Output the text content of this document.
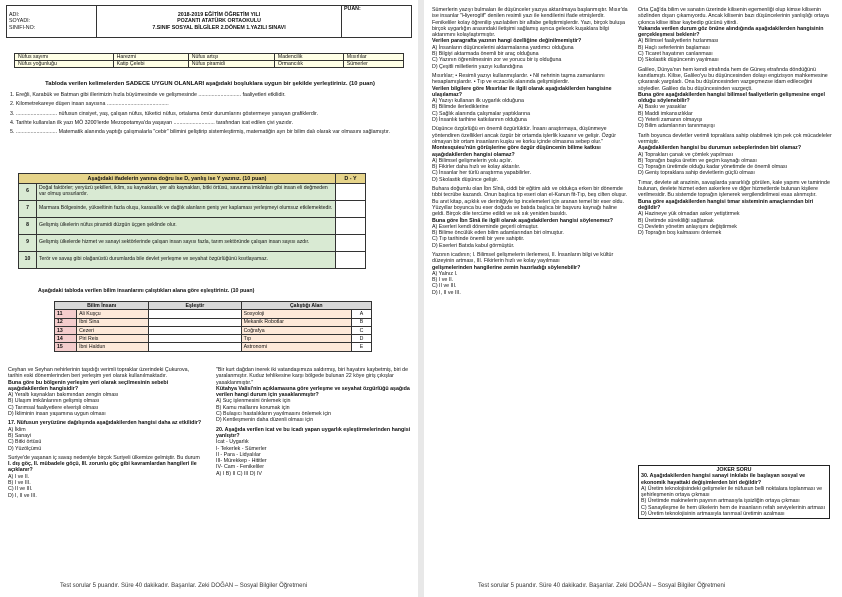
ADI:
SOYADI:
SINIFI-NO:

2018-2019 EĞİTİM ÖĞRETİM YILI
POZANTI ATATÜRK ORTAOKULU
7.SINIF SOSYAL BİLGİLER 2.DÖNEM 1.YAZILI SINAVI
	PUAN:
Nüfus sayımı	Harezmi	Nüfus artışı	Madencilik	Mısırlılar
Nüfus yoğunluğu	Katip Çelebi	Nüfus piramidi	Ormancılık	Sümerler
Tabloda verilen kelimelerden SADECE UYGUN OLANLARI aşağıdaki boşluklara uygun bir şekilde yerleştiriniz. (10 puan)
1. Ereğli, Karabük ve Batman gibi illerimizin hızla büyümesinde ve gelişmesinde ............................. faaliyetleri etkilidir.
2. Kilometrekareye düşen insan sayısına ..........................................
3. ............................ nüfusun cinsiyet, yaş, çalışan nüfus, tüketici nüfus, ortalama ömür durumlarını göstermeye yarayan grafiklerdir.
4. Tarihte kullanılan ilk yazı MÖ 3200'lerde Mezopotamya'da yaşayan ............................ tarafından icat edilen çivi yazıdır.
5. ............................ Matematik alanında yaptığı çalışmalarla "cebir" bilimini geliştirip sistemleştirmiş, matematiğin ayrı bir bilim dalı olarak var olmasını sağlamıştır.
Aşağıdaki ifadelerin yanına doğru ise D, yanlış ise Y yazınız. (10 puan)		D - Y
6	Doğal faktörler; yeryüzü şekilleri, iklim, su kaynakları, yer altı kaynakları, bitki örtüsü, savunma imkânları gibi insan eli değmeden var olmuş unsurlardır.	
7	Marmara Bölgesinde, yükseltinin fazla oluşu, karasallık ve dağlık alanların geniş yer kaplaması yerleşmeyi olumsuz etkilemektedir.	
8	Gelişmiş ülkelerin nüfus piramidi düzgün üçgen şeklinde olur.	
9	Gelişmiş ülkelerde hizmet ve sanayi sektörlerinde çalışan insan sayısı fazla, tarım sektöründe çalışan insan sayısı azdır.	
10	Terör ve savaş gibi olağanüstü durumlarda bile devlet yerleşme ve seyahat özgürlüğünü kısıtlayamaz.	
Aşağıdaki tabloda verilen bilim insanlarını çalıştıkları alana göre eşleştiriniz. (10 puan)
Bilim İnsanı		Eşleştir	Çalıştığı Alan	
11	Ali Kuşçu		Sosyoloji	A
12	İbni Sina		Mekanik Robotlar	B
13	Cezeri		Coğrafya	C
14	Piri Reis		Tıp	D
15	İbni Haldun		Astronomi	E
Ceyhan ve Seyhan nehirlerinin taşıdığı verimli topraklar üzerindeki Çukurova, tarihin eski dönemlerinden beri yerleşim yeri olarak kullanılmaktadır.
Buna göre bu bölgenin yerleşim yeri olarak seçilmesinin sebebi aşağıdakilerden hangisidir?
A) Yeraltı kaynakları bakımından zengin olması
B) Ulaşım imkânlarının gelişmiş olması
C) Tarımsal faaliyetlere elverişli olması
D) İkliminin insan yaşamına uygun olması
17. Nüfusun yeryüzüne dağılışında aşağıdakilerden hangisi daha az etkilidir?
A) İklim
B) Sanayi
C) Bitki örtüsü
D) Yüzölçümü
Suriye'de yaşanan iç savaş nedeniyle birçok Suriyeli ülkemize gelmiştir. Bu durum
I. dış göç, II. mübadele göçü, III. zorunlu göç gibi kavramlardan hangileri ile açıklanır?
A) I ve II.
B) I ve III.
C) II ve III.
D) I, II ve III.
"Bir kurt dağdan inerek iki vatandaşımıza saldırmış, biri hayatını kaybetmiş, biri de yaralanmıştır. Kuduz tehlikesine karşı bölgede bulunan 22 köye giriş çıkışlar yasaklanmıştır."
Kütahya Valisi'nin açıklamasına göre yerleşme ve seyahat özgürlüğü aşağıda verilen hangi durum için yasaklanmıştır?
A) Suç işlenmesini önlemek için
B) Kamu mallarını korumak için
C) Bulaşıcı hastalıkların yayılmasını önlemek için
D) Kentleşmenin daha düzenli olması için
20. Aşağıda verilen icat ve bu icadı yapan uygarlık eşleştirmelerinden hangisi yanlıştır?
İcat - Uygarlık
I- Tekerlek - Sümerler
II - Para - Lidyalılar
III- Mürekkep - Hititler
IV- Cam - Fenikeliler
A) I B) II C) III D) IV
Test sorular 5 puandır. Süre 40 dakikadır. Başarılar. Zeki DOĞAN – Sosyal Bilgiler Öğretmeni
Sümerlerin yazıyı bulmaları ile düşünceler yazıya aktarılmaya başlanmıştır. Mısır'da ise insanlar "Hiyeroglif" denilen resimli yazı ile kendilerini ifade etmişlerdir. Fenikeliler kolay öğrenilip yazılabilen bir alfabe geliştirmişlerdir. Yazı, birçok buluşa birçok uygarlığın arasındaki iletişimi sağlamış ayrıca gelecek kuşaklara bilgi aktarımını kolaylaştırmıştır.
Verilen paragrafta yazının hangi özelliğine değinilmemiştir?
A) İnsanların düşüncelerini aktarmalarına yardımcı olduğuna
B) Bilgiyi aktarmada önemli bir araç olduğuna
C) Yazının öğrenilmesinin zor ve yorucu bir iş olduğuna
D) Çeşitli milletlerin yazıyı kullandığına
Mısırlılar; • Resimli yazıyı kullanmışlardır. • Nil nehrinin taşma zamanlarını hesaplamışlardır. • Tıp ve eczacılık alanında gelişmişlerdir.
Verilen bilgilere göre Mısırlılar ile ilgili olarak aşağıdakilerden hangisine ulaşılamaz?
A) Yazıyı kullanan ilk uygarlık olduğuna
B) Bilimde ilerlediklerine
C) Sağlık alanında çalışmalar yaptıklarına
D) İnsanlık tarihine katkılarının olduğuna
Düşünce özgürlüğü en önemli özgürlüktür. İnsanı araştırmaya, düşünmeye yöntendiren özellikleri ancak özgür bir ortamda işlerlik kazanır ve gelişir. Özgür olmayan bir ortam insanların kuşku ve korku içinde olmasına sebep olur."
Montesquieu'nün görüşlerine göre özgür düşüncenin bilime katkısı aşağıdakilerden hangisi olamaz?
A) Bilimsel gelişmelerin yolu açılır.
B) Fikirler daha hızlı ve kolay aktarılır.
C) İnsanlar her türlü araştırma yapabilirler.
D) Skolastik düşünce gelişir.
Buhara doğumlu olan İbn Sînâ, ciddi bir eğitim aldı ve oldukça erken bir dönemde tıbbi tecrübe kazandı. Onun başlıca tıp eseri olan el-Kanun fit-Tıp, beş cilten oluşur. Bu anıt kitap, açıklık ve derinliğiyle tıp incelemeleri için aranan temel bir eser oldu. Yüzyıllar boyunca bu eser doğuda ve batıda başlıca bir başvuru kaynağı haline geldi. Birçok dile tercüme edildi ve sık sık yeniden basıldı.
Buna göre İbn Sînâ ile ilgili olarak aşağıdakilerden hangisi söylenemez?
A) Eserleri kendi döneminde geçerli olmuştur.
B) Bilime öncülük eden bilim adamlarından biri olmuştur.
C) Tıp tarihinde önemli bir yere sahiptir.
D) Eserleri Batıda kabul görmüştür.
Yazının icadının; I. Bilimsel gelişmelerin ilerlemesi, II. İnsanların bilgi ve kültür düzeyinin artması, III. Fikirlerin hızlı ve kolay yayılması
gelişmelerinden hangilerine zemin hazırladığı söylenebilir?
A) Yalnız I.
B) I ve II.
C) II ve III.
D) I, II ve III.
Orta Çağ'da bilim ve sanatın üzerinde kilisenin egemenliği olup kimse kilisenin sözlinden dışarı çıkamıyordu. Ancak kilisenin bazı düşüncelerinin yanlışlığı ortaya çıkınca kilise itibar kaybedip gücünü yitirdi.
Yukarıda verilen durum göz önüne alındığında aşağıdakilerden hangisinin gerçekleşmesi beklenir?
A) Bilimsel faaliyetlerin hızlanması
B) Haçlı seferlerinin başlaması
C) Ticaret hayatının canlanması
D) Skolastik düşüncenin yayılması
Galileo, Dünya'nın hem kendi etrafında hem de Güneş etrafında döndüğünü kanıtlamıştı. Kilise, Galileo'yu bu düşüncesinden dolayı engizisyon mahkemesine çıkararak yargıladı. Ona bu düşüncesinden vazgeçmezse idam edileceğini söyledler. Galileo da bu düşüncesinden vazgeçti.
Buna göre aşağıdakilerden hangisi bilimsel faaliyetlerin gelişmesine engel olduğu söylenebilir?
A) Baskı ve yasaklar
B) Maddi imkansızlıklar
C) Yeterli zamanın olmayışı
D) Bilim adamlarının tanınmayışı
Tarih boyunca devletler verimli topraklara sahip olabilmek için pek çok mücadeleler vermiştir.
Aşağıdakilerden hangisi bu durumun sebeplerinden biri olamaz?
A) Toprakları çanak ve çömlek yapılması
B) Toprağın başka üretim ve geçim kaynağı olması
C) Toprağın üretimde olduğu kadar yönetimde de önemli olması
D) Geniş topraklara sahip devletlerin güçlü olması
Tımar, devlete ait arazinin, savaşlarda yararlılığı görülen, kale yapımı ve tamirinde bulunan, devlete hizmet eden askerlere ve diğer hizmetlerde bulunan kişilere verilmesidir. Bu sistemde toprağın işlenerek vergilendirilmesi esas alınmıştır.
Buna göre aşağıdakilerden hangisi tımar sisteminin amaçlarından biri değildir?
A) Hazineye yük olmadan asker yetiştirmek
B) Üretimde sürekliliği sağlamak
C) Devletin yönetim anlayışını değiştirmek
D) Toprağın boş kalmasını önlemek
JOKER SORU
30. Aşağıdakilerden hangisi sanayi inkılabı ile başlayan sosyal ve ekonomik hayattaki değişimlerden biri değildir?
A) Üretim teknolojisindeki gelişmeler ile nüfusun belli noktalara toplanması ve şehirleşmenin ortaya çıkması
B) Üretimde makinelerin payının artmasıyla işsizliğin ortaya çıkması
C) Sanayileşme ile hem ülkelerin hem de insanların refah seviyelerinin artması
D) Üretim teknolojisinin artmasıyla tarımsal üretimin azalması
Test sorular 5 puandır. Süre 40 dakikadır. Başarılar. Zeki DOĞAN – Sosyal Bilgiler Öğretmeni
